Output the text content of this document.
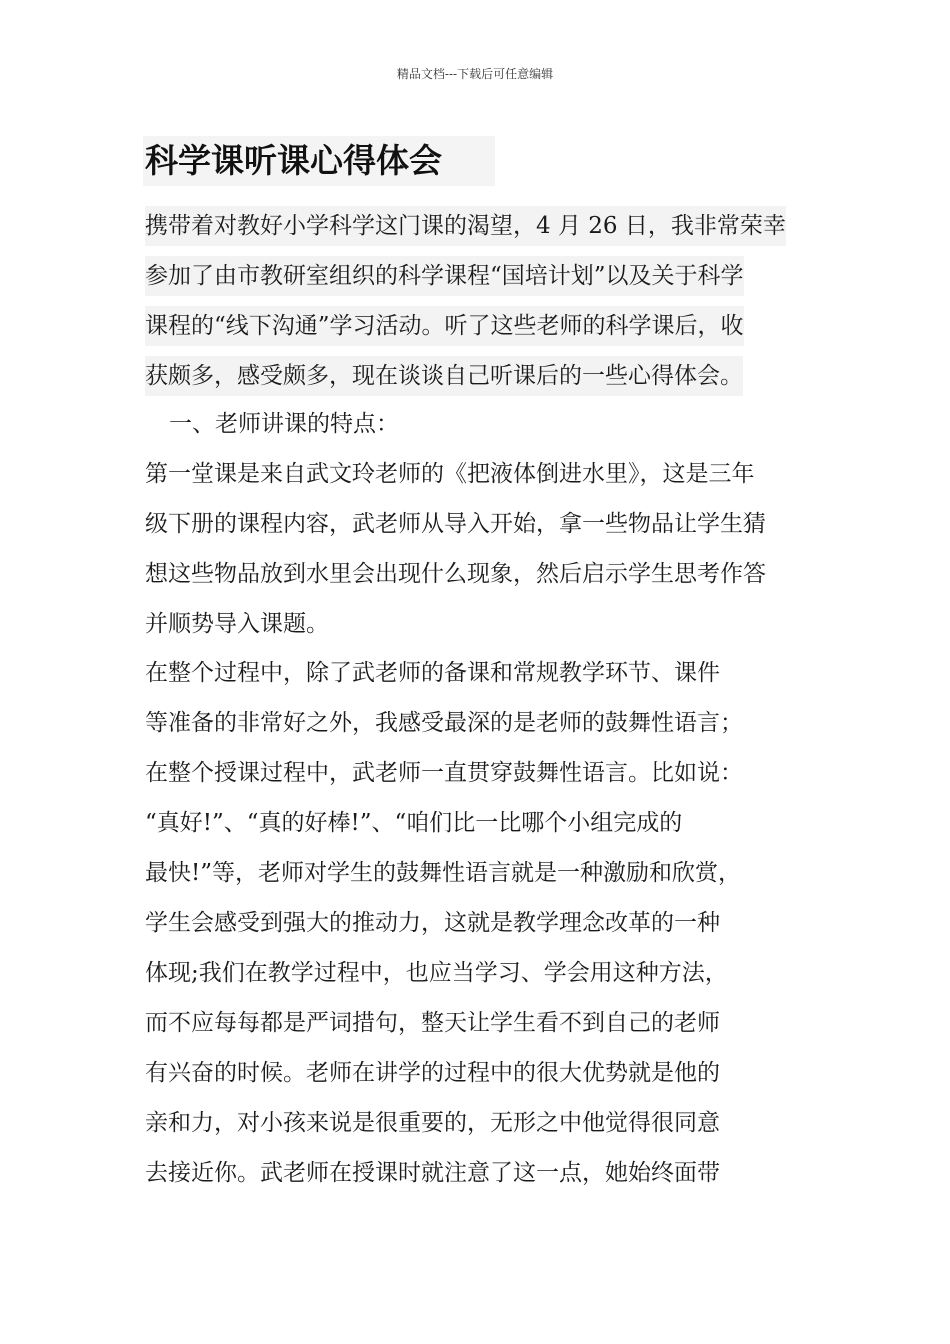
精品文档---下载后可任意编辑
科学课听课心得体会
携带着对教好小学科学这门课的渴望，4 月 26 日，我非常荣幸
参加了由市教研室组织的科学课程“国培计划”以及关于科学
课程的“线下沟通”学习活动。听了这些老师的科学课后，收
获颇多，感受颇多，现在谈谈自己听课后的一些心得体会。
一、老师讲课的特点：
第一堂课是来自武文玲老师的《把液体倒进水里》，这是三年
级下册的课程内容，武老师从导入开始，拿一些物品让学生猜
想这些物品放到水里会出现什么现象，然后启示学生思考作答
并顺势导入课题。
在整个过程中，除了武老师的备课和常规教学环节、课件
等准备的非常好之外，我感受最深的是老师的鼓舞性语言；
在整个授课过程中，武老师一直贯穿鼓舞性语言。比如说：
“真好!”、“真的好棒!”、“咱们比一比哪个小组完成的
最快!”等，老师对学生的鼓舞性语言就是一种激励和欣赏，
学生会感受到强大的推动力，这就是教学理念改革的一种
体现;我们在教学过程中，也应当学习、学会用这种方法，
而不应每每都是严词措句，整天让学生看不到自己的老师
有兴奋的时候。老师在讲学的过程中的很大优势就是他的
亲和力，对小孩来说是很重要的，无形之中他觉得很同意
去接近你。武老师在授课时就注意了这一点，她始终面带
